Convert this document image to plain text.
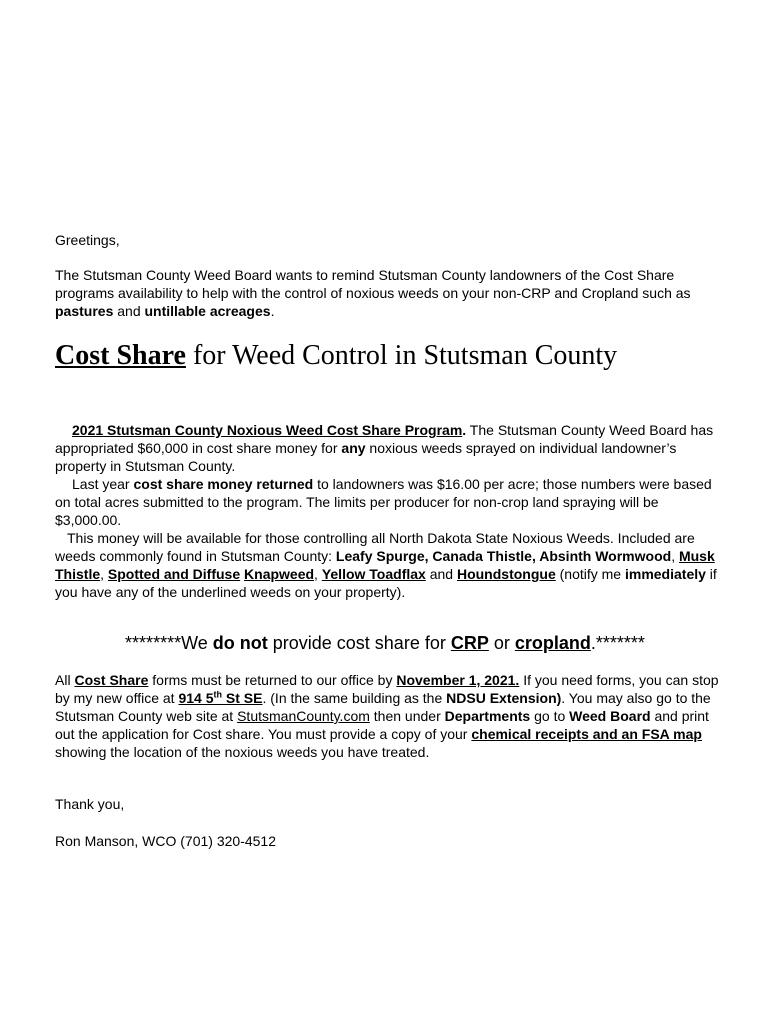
Greetings,

The Stutsman County Weed Board wants to remind Stutsman County landowners of the Cost Share programs availability to help with the control of noxious weeds on your non-CRP and Cropland such as pastures and untillable acreages.

Cost Share for Weed Control in Stutsman County

2021 Stutsman County Noxious Weed Cost Share Program. The Stutsman County Weed Board has appropriated $60,000 in cost share money for any noxious weeds sprayed on individual landowner’s property in Stutsman County.

Last year cost share money returned to landowners was $16.00 per acre; those numbers were based on total acres submitted to the program. The limits per producer for non-crop land spraying will be $3,000.00.

This money will be available for those controlling all North Dakota State Noxious Weeds. Included are weeds commonly found in Stutsman County: Leafy Spurge, Canada Thistle, Absinth Wormwood, Musk Thistle, Spotted and Diffuse Knapweed, Yellow Toadflax and Houndstongue (notify me immediately if you have any of the underlined weeds on your property).

********We do not provide cost share for CRP or cropland.*******

All Cost Share forms must be returned to our office by November 1, 2021. If you need forms, you can stop by my new office at 914 5th St SE. (In the same building as the NDSU Extension). You may also go to the Stutsman County web site at StutsmanCounty.com then under Departments go to Weed Board and print out the application for Cost share. You must provide a copy of your chemical receipts and an FSA map showing the location of the noxious weeds you have treated.

Thank you,

Ron Manson, WCO (701) 320-4512
